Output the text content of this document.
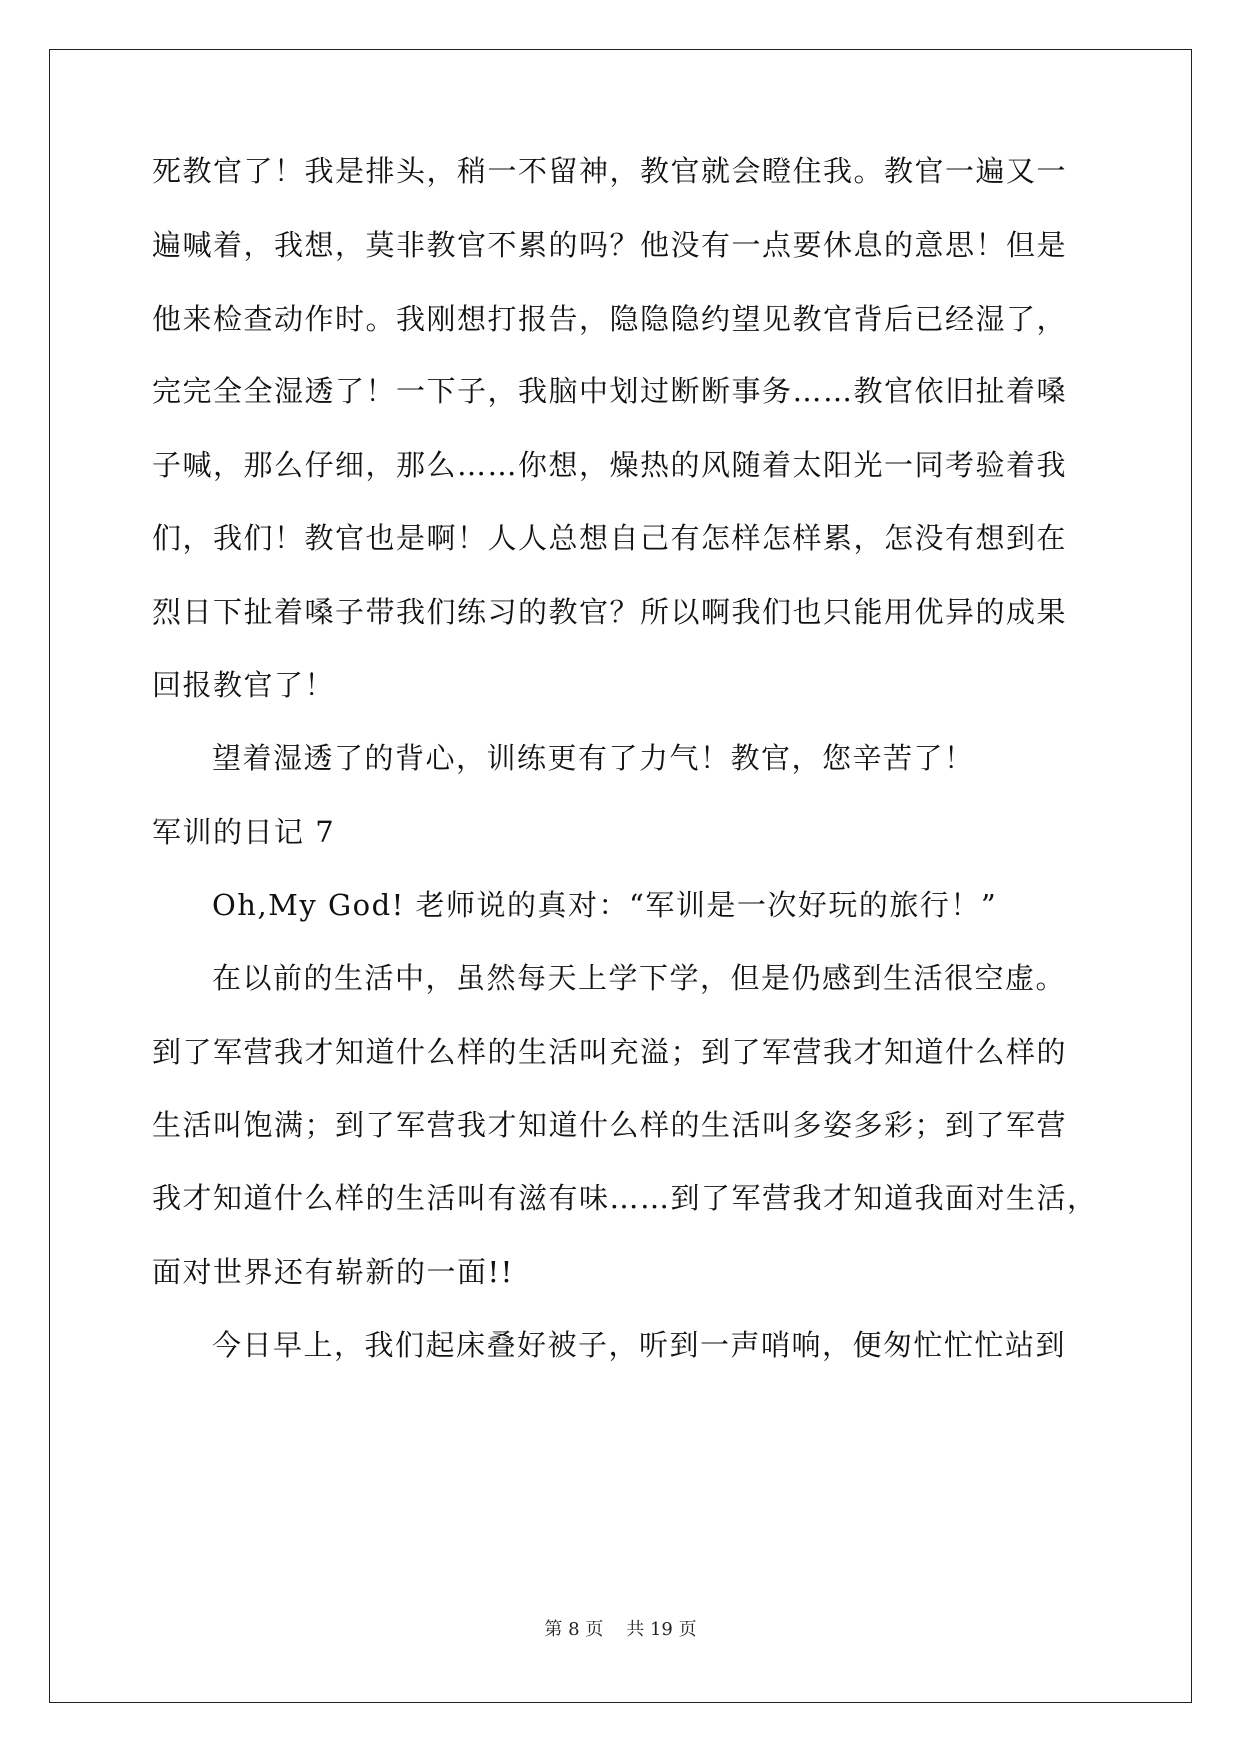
死教官了！我是排头，稍一不留神，教官就会瞪住我。教官一遍又一
遍喊着，我想，莫非教官不累的吗？他没有一点要休息的意思！但是
他来检查动作时。我刚想打报告，隐隐隐约望见教官背后已经湿了，
完完全全湿透了！一下子，我脑中划过断断事务……教官依旧扯着嗓
子喊，那么仔细，那么……你想，燥热的风随着太阳光一同考验着我
们，我们！教官也是啊！人人总想自己有怎样怎样累，怎没有想到在
烈日下扯着嗓子带我们练习的教官？所以啊我们也只能用优异的成果
回报教官了！
望着湿透了的背心，训练更有了力气！教官，您辛苦了！
军训的日记 7
Oh,My God! 老师说的真对：“军训是一次好玩的旅行！”
在以前的生活中，虽然每天上学下学，但是仍感到生活很空虚。
到了军营我才知道什么样的生活叫充溢；到了军营我才知道什么样的
生活叫饱满；到了军营我才知道什么样的生活叫多姿多彩；到了军营
我才知道什么样的生活叫有滋有味……到了军营我才知道我面对生活，
面对世界还有崭新的一面!!
今日早上，我们起床叠好被子，听到一声哨响，便匆忙忙忙站到
第 8 页 共 19 页
